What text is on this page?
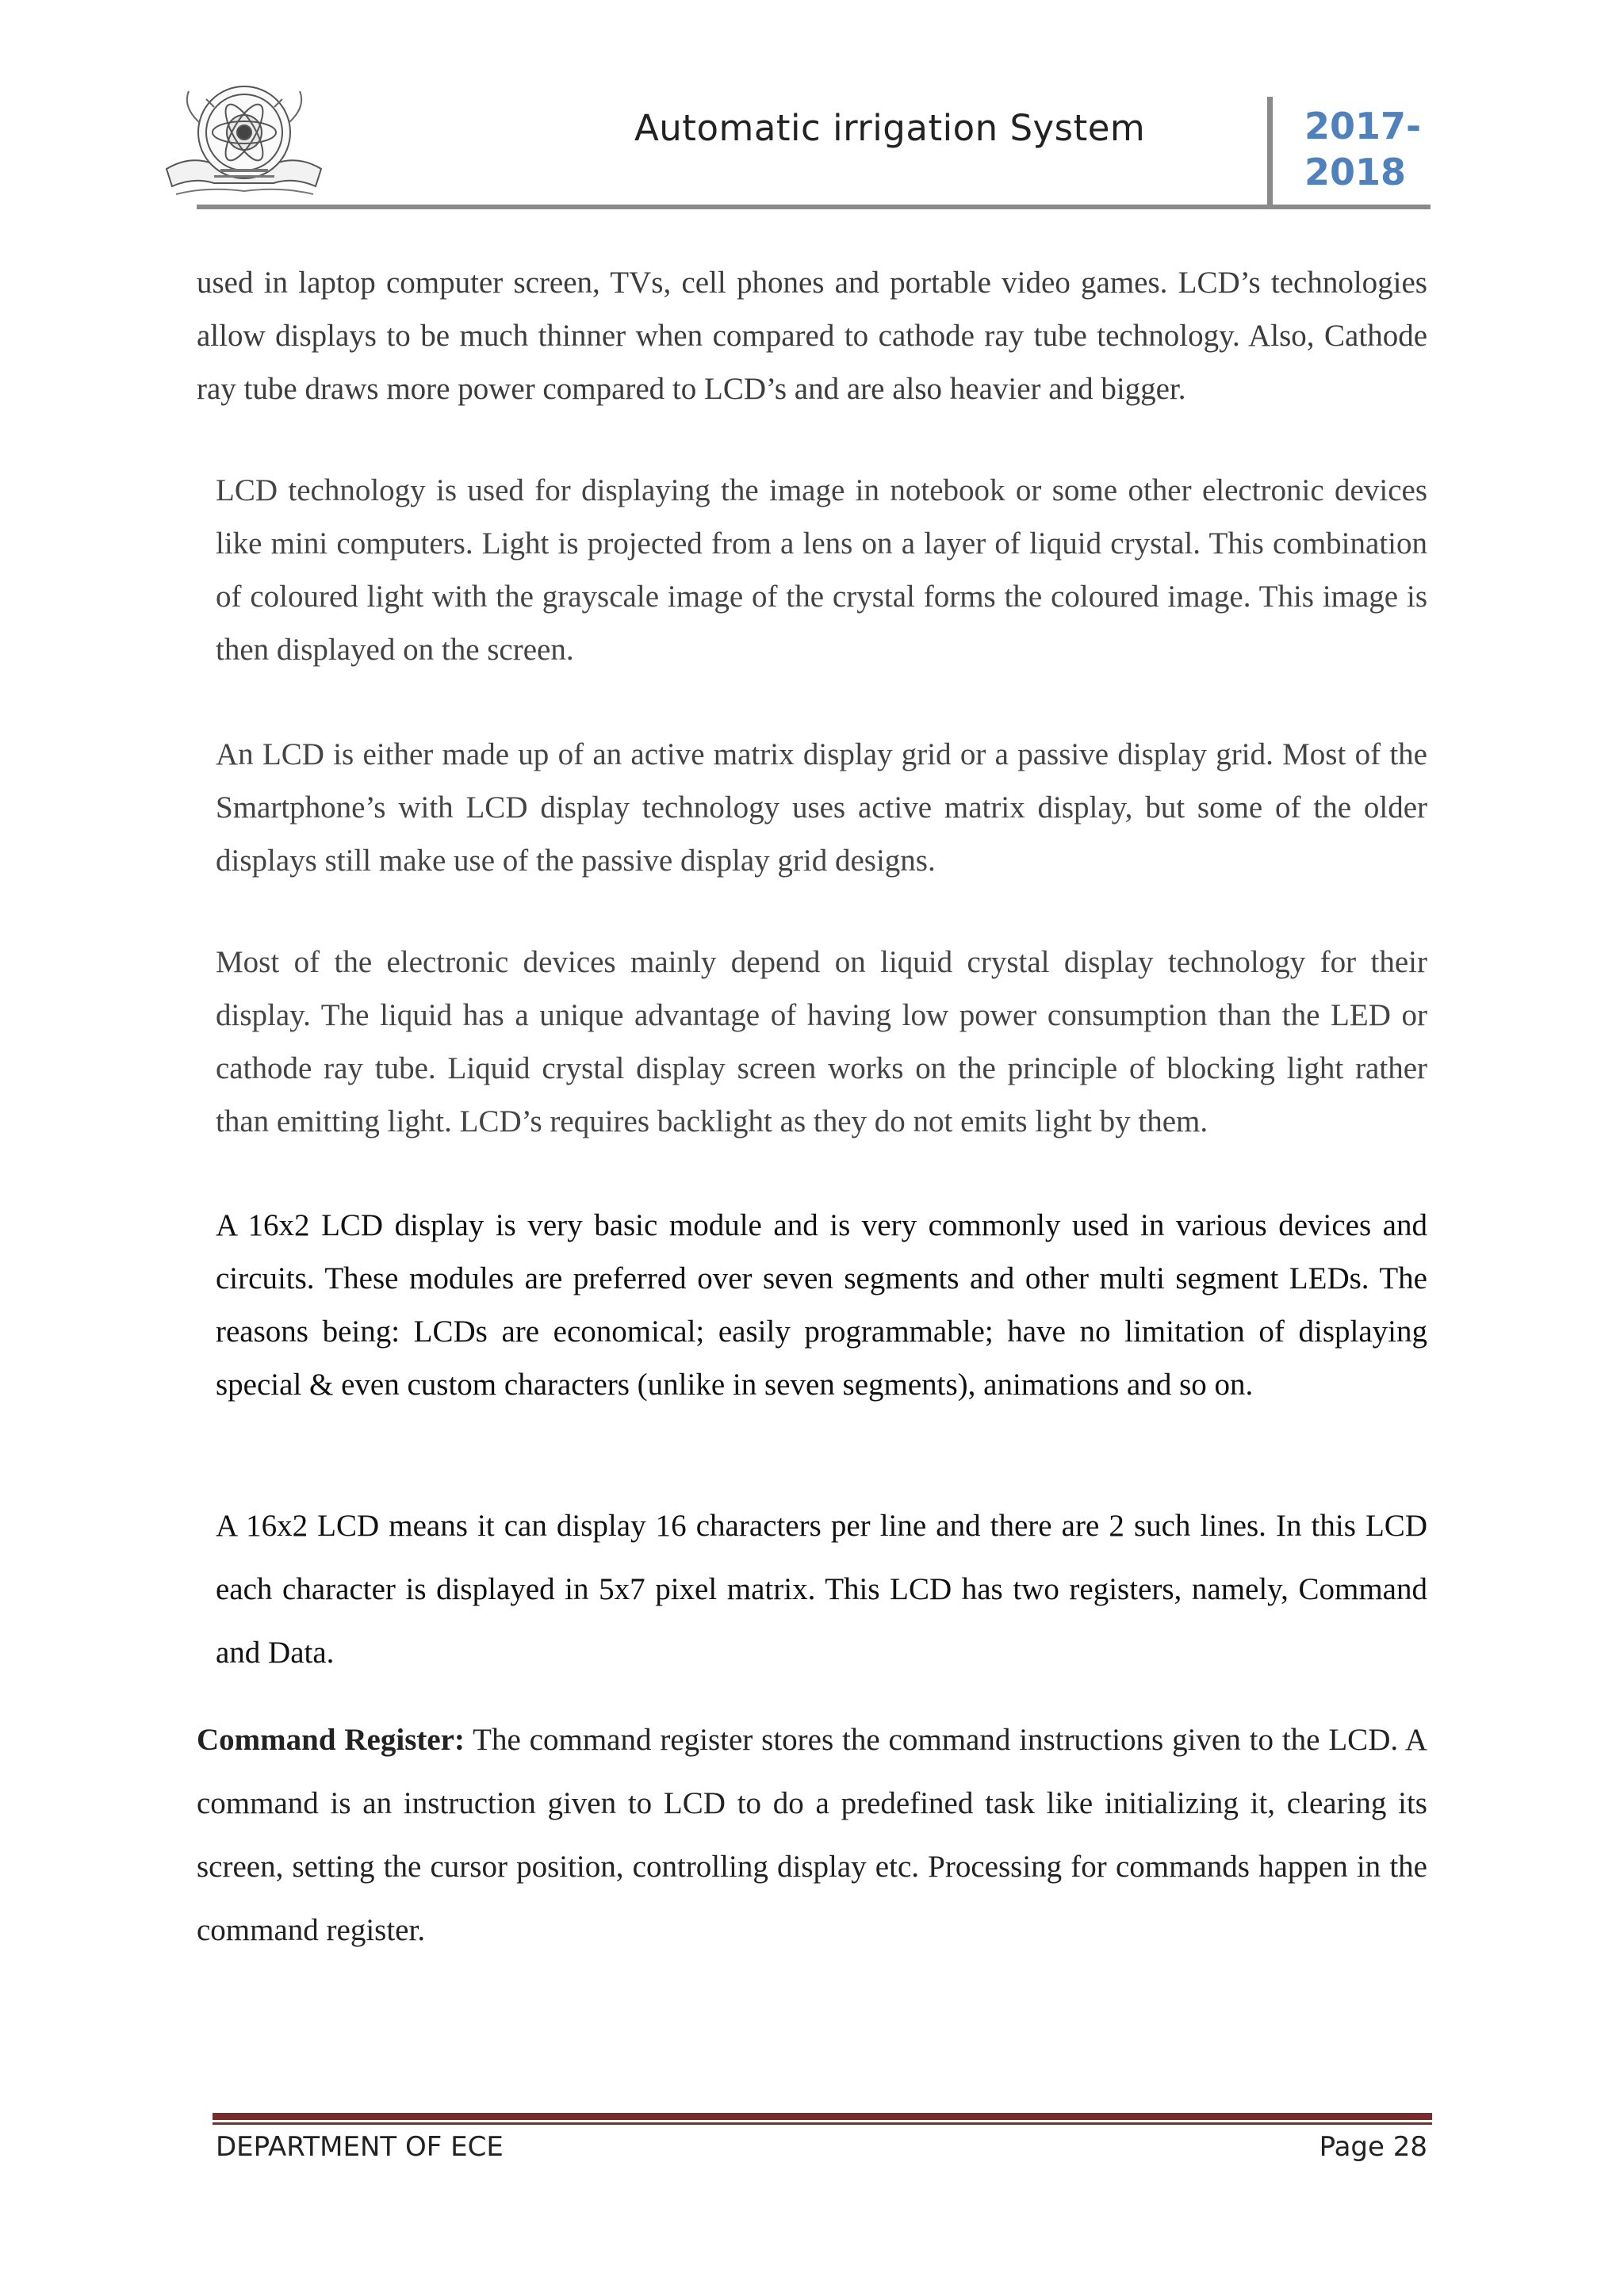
Automatic irrigation System	2017-
2018

used in laptop computer screen, TVs, cell phones and portable video games. LCD’s technologies allow displays to be much thinner when compared to cathode ray tube technology. Also, Cathode ray tube draws more power compared to LCD’s and are also heavier and bigger.

LCD technology is used for displaying the image in notebook or some other electronic devices like mini computers. Light is projected from a lens on a layer of liquid crystal. This combination of coloured light with the grayscale image of the crystal forms the coloured image. This image is then displayed on the screen.

An LCD is either made up of an active matrix display grid or a passive display grid. Most of the Smartphone’s with LCD display technology uses active matrix display, but some of the older displays still make use of the passive display grid designs.

Most of the electronic devices mainly depend on liquid crystal display technology for their display. The liquid has a unique advantage of having low power consumption than the LED or cathode ray tube. Liquid crystal display screen works on the principle of blocking light rather than emitting light. LCD’s requires backlight as they do not emits light by them.

A 16x2 LCD display is very basic module and is very commonly used in various devices and circuits. These modules are preferred over seven segments and other multi segment LEDs. The reasons being: LCDs are economical; easily programmable; have no limitation of displaying special & even custom characters (unlike in seven segments), animations and so on.

A 16x2 LCD means it can display 16 characters per line and there are 2 such lines. In this LCD each character is displayed in 5x7 pixel matrix. This LCD has two registers, namely, Command and Data.

Command Register: The command register stores the command instructions given to the LCD. A command is an instruction given to LCD to do a predefined task like initializing it, clearing its screen, setting the cursor position, controlling display etc. Processing for commands happen in the command register.

DEPARTMENT OF ECE	Page 28
